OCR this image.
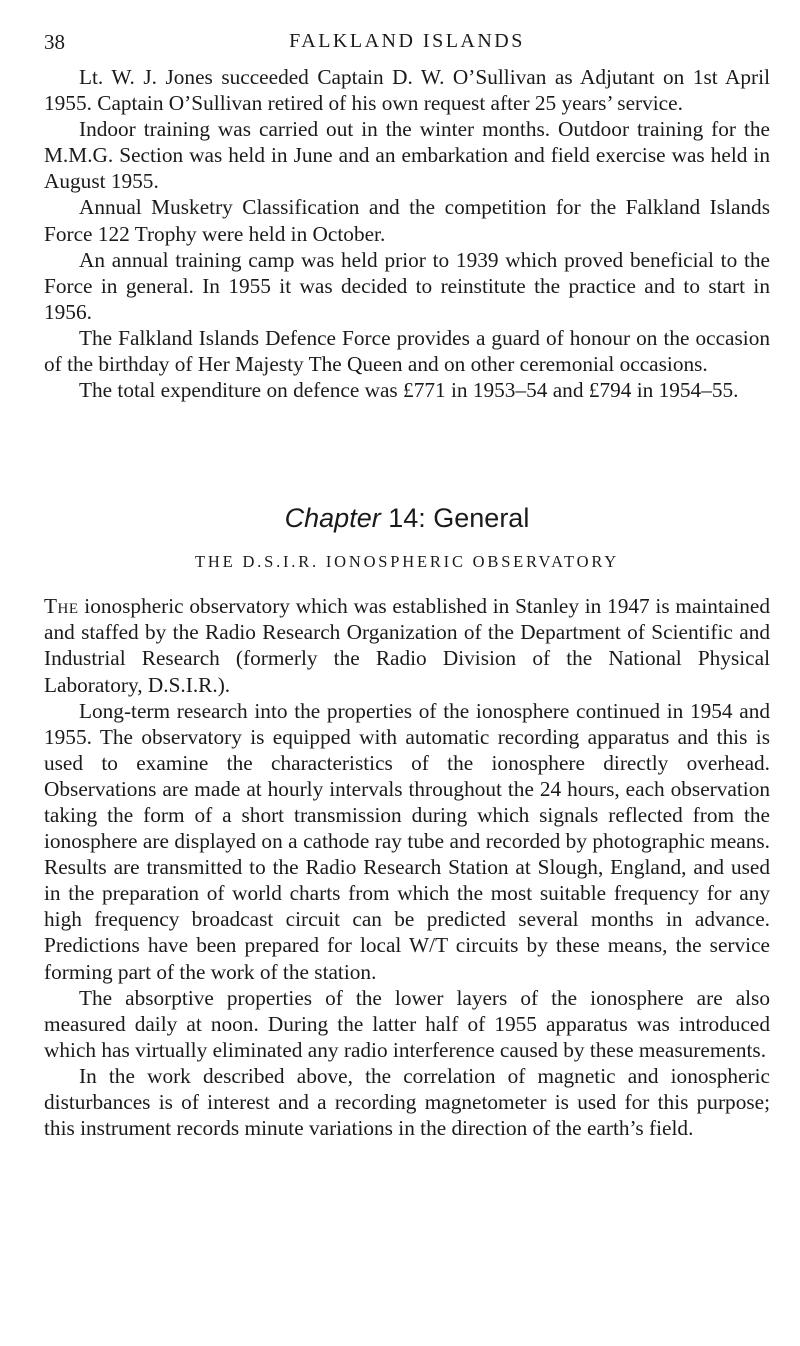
38	FALKLAND ISLANDS

Lt. W. J. Jones succeeded Captain D. W. O’Sullivan as Adjutant on 1st April 1955. Captain O’Sullivan retired of his own request after 25 years’ service.

Indoor training was carried out in the winter months. Outdoor training for the M.M.G. Section was held in June and an embarkation and field exercise was held in August 1955.

Annual Musketry Classification and the competition for the Falkland Islands Force 122 Trophy were held in October.

An annual training camp was held prior to 1939 which proved beneficial to the Force in general. In 1955 it was decided to reinstitute the practice and to start in 1956.

The Falkland Islands Defence Force provides a guard of honour on the occasion of the birthday of Her Majesty The Queen and on other ceremonial occasions.

The total expenditure on defence was £771 in 1953–54 and £794 in 1954–55.

Chapter 14: General
THE D.S.I.R. IONOSPHERIC OBSERVATORY

The ionospheric observatory which was established in Stanley in 1947 is maintained and staffed by the Radio Research Organization of the Department of Scientific and Industrial Research (formerly the Radio Division of the National Physical Laboratory, D.S.I.R.).

Long-term research into the properties of the ionosphere continued in 1954 and 1955. The observatory is equipped with automatic recording apparatus and this is used to examine the characteristics of the ionosphere directly overhead. Observations are made at hourly intervals throughout the 24 hours, each observation taking the form of a short transmission during which signals reflected from the ionosphere are displayed on a cathode ray tube and recorded by photographic means. Results are transmitted to the Radio Research Station at Slough, England, and used in the preparation of world charts from which the most suitable frequency for any high frequency broadcast circuit can be predicted several months in advance. Predictions have been prepared for local W/T circuits by these means, the service forming part of the work of the station.

The absorptive properties of the lower layers of the ionosphere are also measured daily at noon. During the latter half of 1955 apparatus was introduced which has virtually eliminated any radio interference caused by these measurements.

In the work described above, the correlation of magnetic and ionospheric disturbances is of interest and a recording magnetometer is used for this purpose; this instrument records minute variations in the direction of the earth’s field.
